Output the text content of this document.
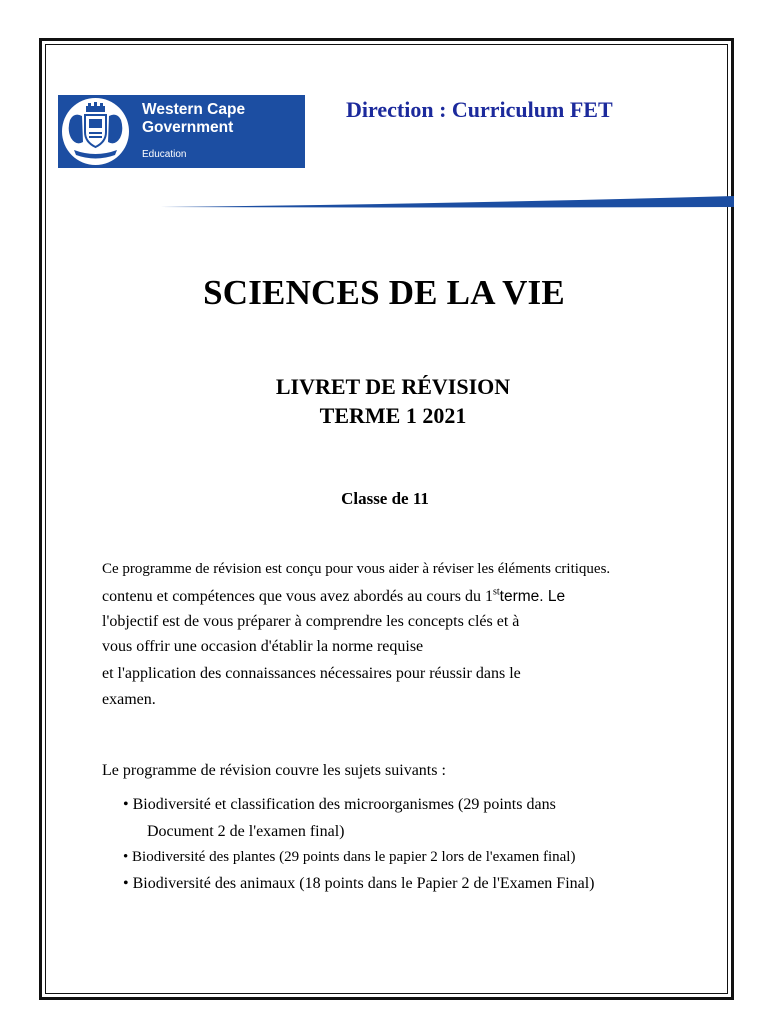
Western Cape
Government
Education
Direction : Curriculum FET
SCIENCES DE LA VIE
LIVRET DE RÉVISION
TERME 1 2021
Classe de 11
Ce programme de révision est conçu pour vous aider à réviser les éléments critiques.
contenu et compétences que vous avez abordés au cours du 1stterme. Le
l'objectif est de vous préparer à comprendre les concepts clés et à
vous offrir une occasion d'établir la norme requise
et l'application des connaissances nécessaires pour réussir dans le
examen.
Le programme de révision couvre les sujets suivants :
• Biodiversité et classification des microorganismes (29 points dans
Document 2 de l'examen final)
• Biodiversité des plantes (29 points dans le papier 2 lors de l'examen final)
• Biodiversité des animaux (18 points dans le Papier 2 de l'Examen Final)
